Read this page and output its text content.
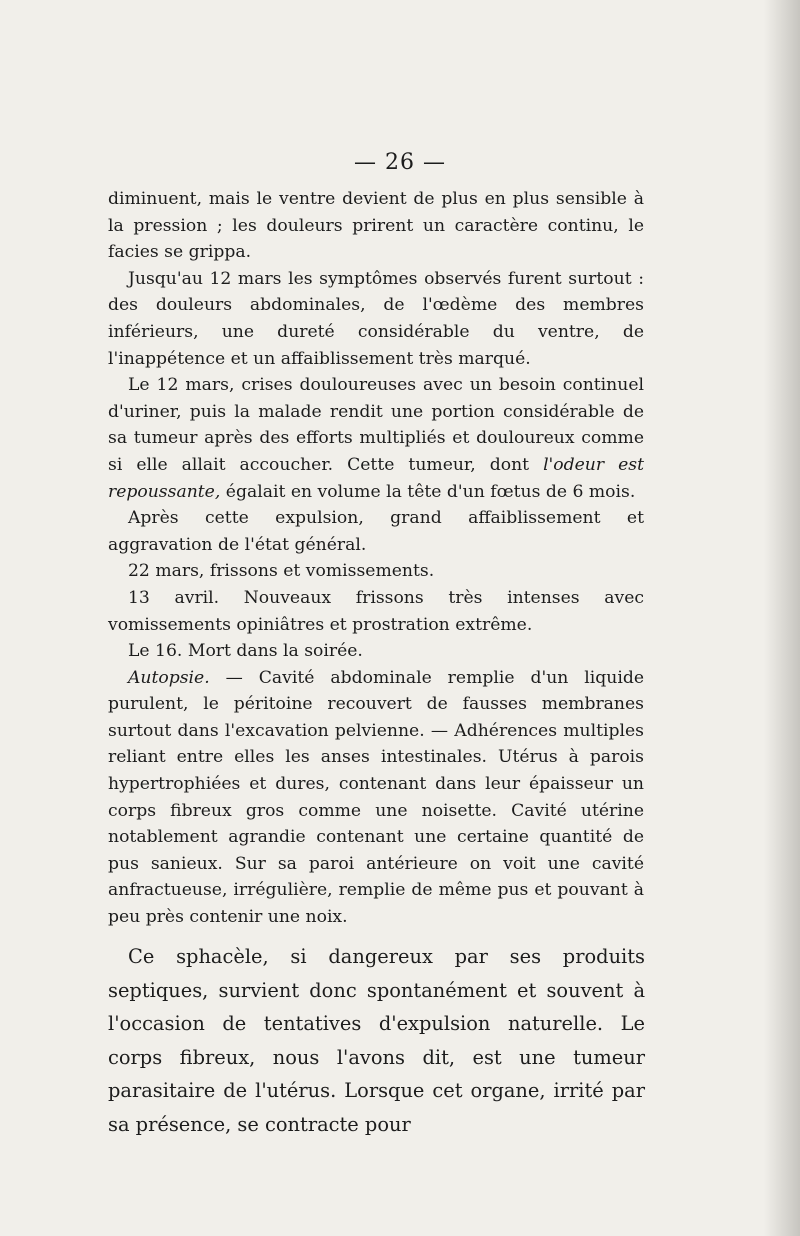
— 26 —

diminuent, mais le ventre devient de plus en plus sensible à la pression ; les douleurs prirent un caractère continu, le facies se grippa.

Jusqu'au 12 mars les symptômes observés furent surtout : des douleurs abdominales, de l'œdème des membres inférieurs, une dureté considérable du ventre, de l'inappétence et un affaiblissement très marqué.

Le 12 mars, crises douloureuses avec un besoin continuel d'uriner, puis la malade rendit une portion considérable de sa tumeur après des efforts multipliés et douloureux comme si elle allait accoucher. Cette tumeur, dont l'odeur est repoussante, égalait en volume la tête d'un fœtus de 6 mois.

Après cette expulsion, grand affaiblissement et aggravation de l'état général.

22 mars, frissons et vomissements.

13 avril. Nouveaux frissons très intenses avec vomissements opiniâtres et prostration extrême.

Le 16. Mort dans la soirée.

Autopsie. — Cavité abdominale remplie d'un liquide purulent, le péritoine recouvert de fausses membranes surtout dans l'excavation pelvienne. — Adhérences multiples reliant entre elles les anses intestinales. Utérus à parois hypertrophiées et dures, contenant dans leur épaisseur un corps fibreux gros comme une noisette. Cavité utérine notablement agrandie contenant une certaine quantité de pus sanieux. Sur sa paroi antérieure on voit une cavité anfractueuse, irrégulière, remplie de même pus et pouvant à peu près contenir une noix.

Ce sphacèle, si dangereux par ses produits septiques, survient donc spontanément et souvent à l'occasion de tentatives d'expulsion naturelle. Le corps fibreux, nous l'avons dit, est une tumeur parasitaire de l'utérus. Lorsque cet organe, irrité par sa présence, se contracte pour
